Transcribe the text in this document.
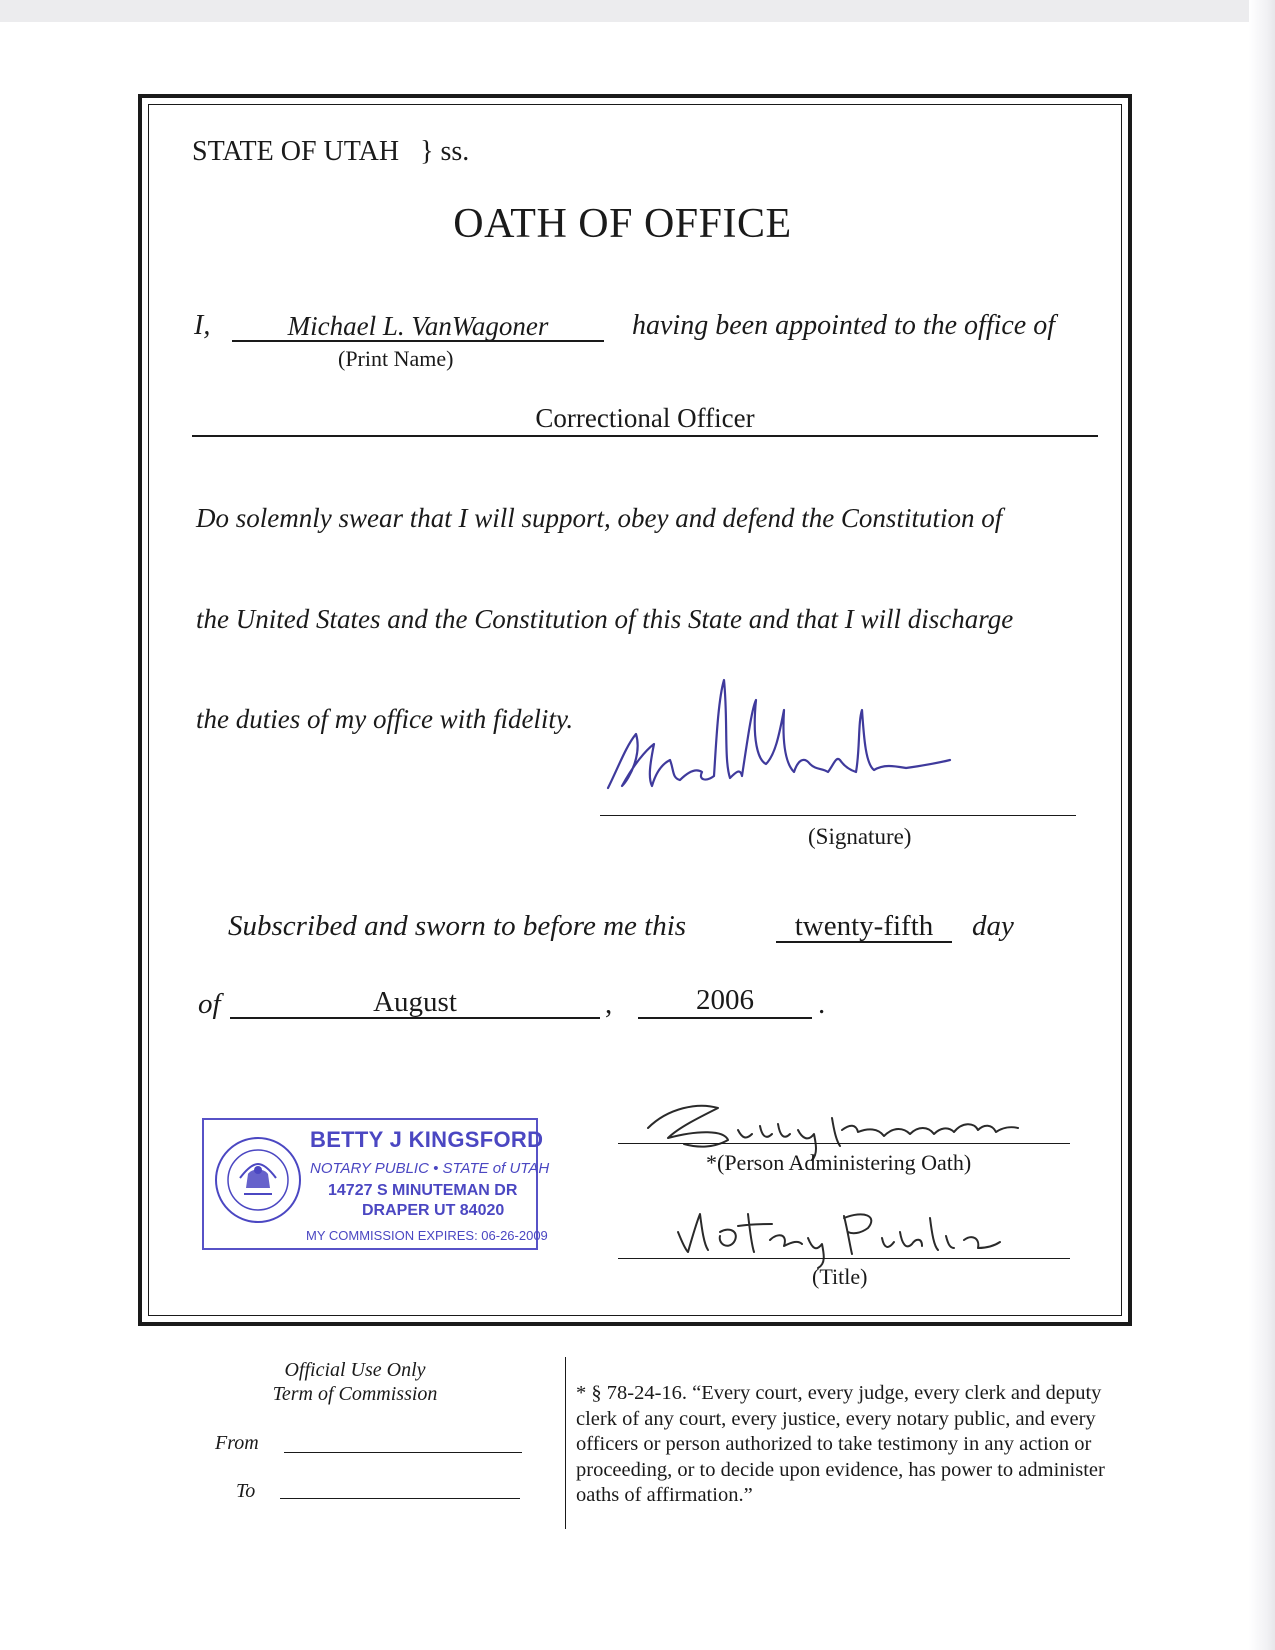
STATE OF UTAH   } ss.
OATH OF OFFICE
I,	Michael L. VanWagoner
(Print Name)
having been appointed to the office of
Correctional Officer
Do solemnly swear that I will support, obey and defend the Constitution of
the United States and the Constitution of this State and that I will discharge
the duties of my office with fidelity.
(Signature)
Subscribed and sworn to before me this	twenty-fifth	day
of	August	,	2006	.
BETTY J KINGSFORD
NOTARY PUBLIC • STATE of UTAH
14727 S MINUTEMAN DR
DRAPER UT 84020
MY COMMISSION EXPIRES: 06-26-2009
*(Person Administering Oath)
(Title)
Official Use Only
Term of Commission
From
To
* § 78-24-16. “Every court, every judge, every clerk and deputy clerk of any court, every justice, every notary public, and every officers or person authorized to take testimony in any action or proceeding, or to decide upon evidence, has power to administer oaths of affirmation.”
